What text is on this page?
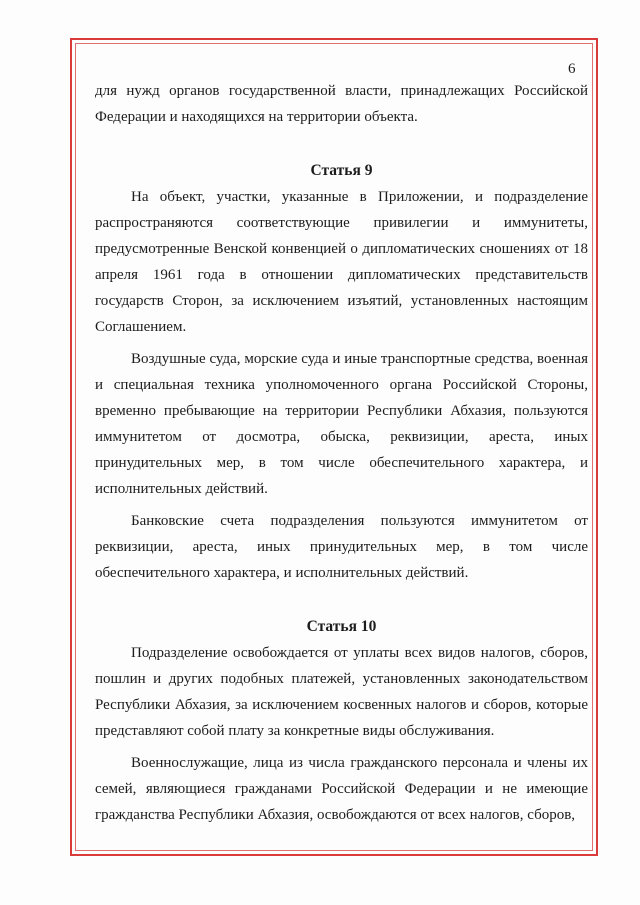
6

для нужд органов государственной власти, принадлежащих Российской Федерации и находящихся на территории объекта.

Статья 9

На объект, участки, указанные в Приложении, и подразделение распространяются соответствующие привилегии и иммунитеты, предусмотренные Венской конвенцией о дипломатических сношениях от 18 апреля 1961 года в отношении дипломатических представительств государств Сторон, за исключением изъятий, установленных настоящим Соглашением.

Воздушные суда, морские суда и иные транспортные средства, военная и специальная техника уполномоченного органа Российской Стороны, временно пребывающие на территории Республики Абхазия, пользуются иммунитетом от досмотра, обыска, реквизиции, ареста, иных принудительных мер, в том числе обеспечительного характера, и исполнительных действий.

Банковские счета подразделения пользуются иммунитетом от реквизиции, ареста, иных принудительных мер, в том числе обеспечительного характера, и исполнительных действий.

Статья 10

Подразделение освобождается от уплаты всех видов налогов, сборов, пошлин и других подобных платежей, установленных законодательством Республики Абхазия, за исключением косвенных налогов и сборов, которые представляют собой плату за конкретные виды обслуживания.

Военнослужащие, лица из числа гражданского персонала и члены их семей, являющиеся гражданами Российской Федерации и не имеющие гражданства Республики Абхазия, освобождаются от всех налогов, сборов,
